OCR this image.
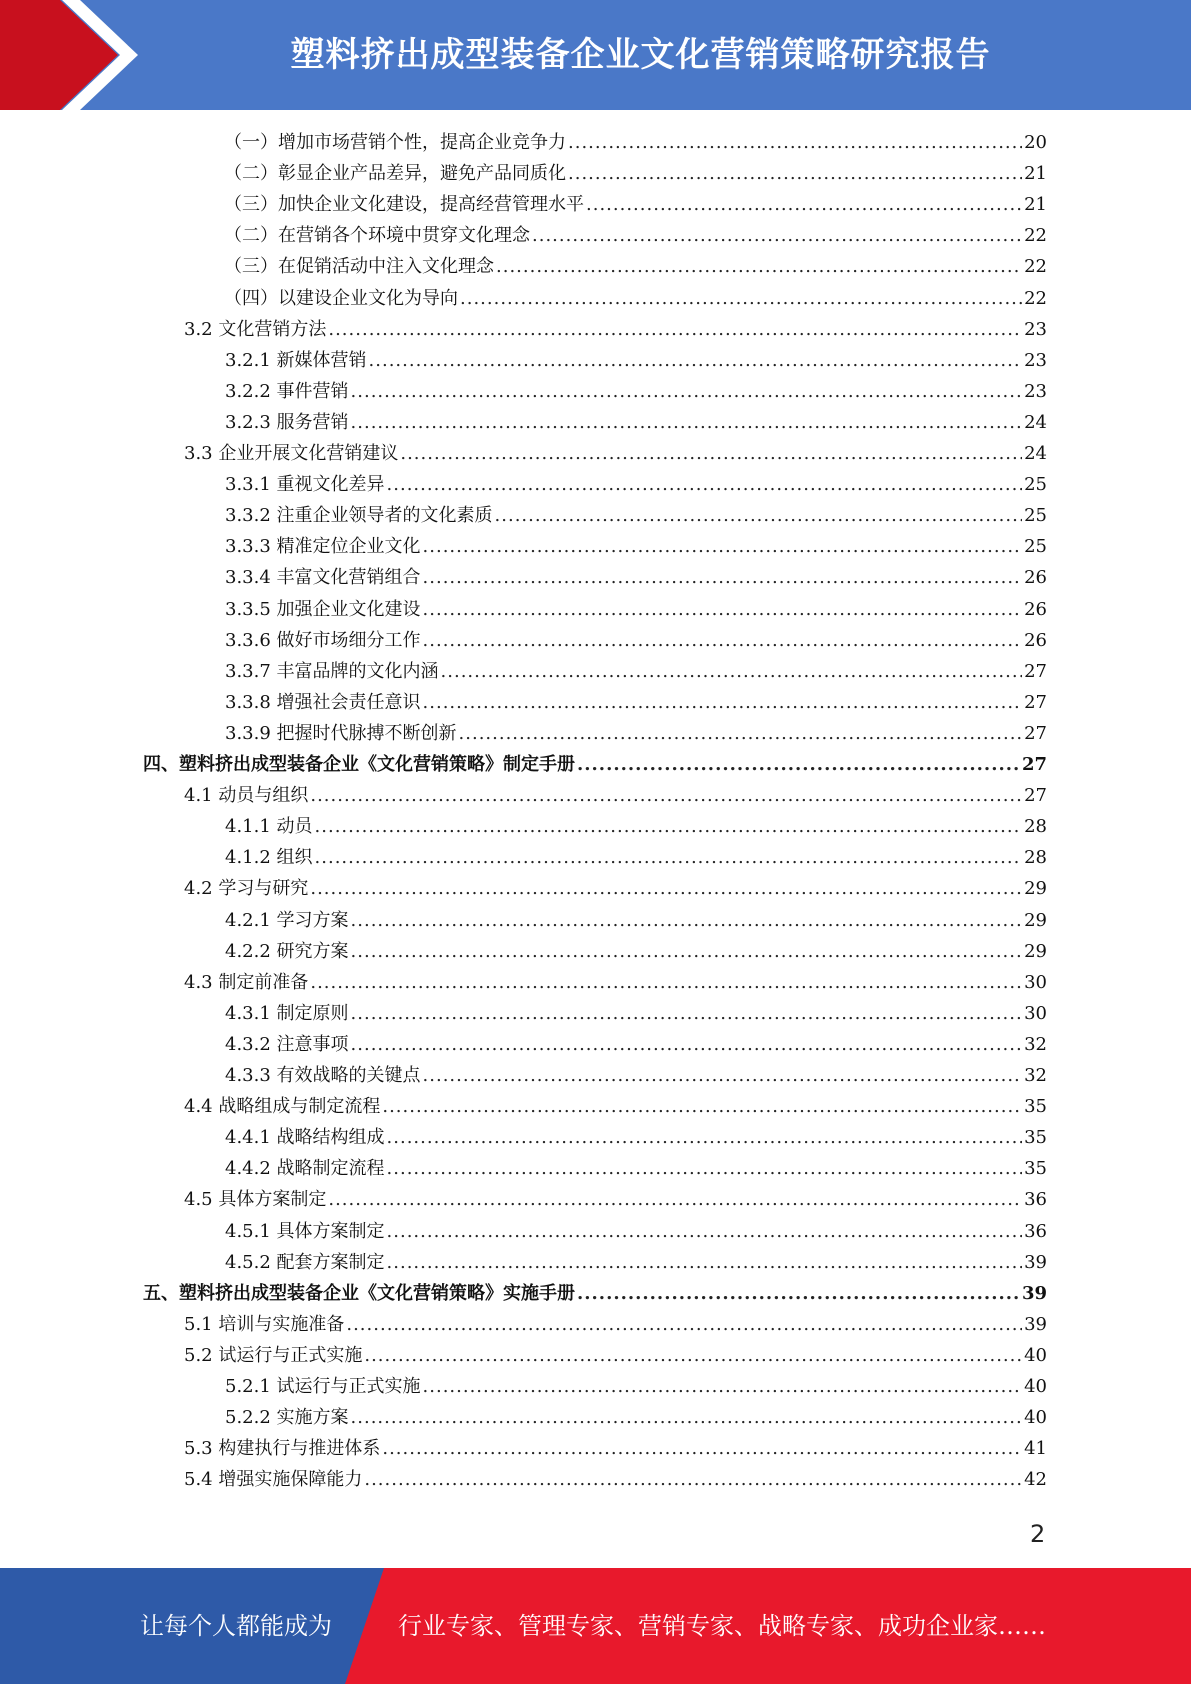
塑料挤出成型装备企业文化营销策略研究报告
（一）增加市场营销个性，提高企业竞争力 .....	20
（二）彰显企业产品差异，避免产品同质化 .....	21
（三）加快企业文化建设，提高经营管理水平 .....	21
（二）在营销各个环境中贯穿文化理念 .....	22
（三）在促销活动中注入文化理念 .....	22
（四）以建设企业文化为导向 .....	22
3.2 文化营销方法 .....	23
3.2.1 新媒体营销 .....	23
3.2.2 事件营销 .....	23
3.2.3 服务营销 .....	24
3.3 企业开展文化营销建议 .....	24
3.3.1 重视文化差异 .....	25
3.3.2 注重企业领导者的文化素质 .....	25
3.3.3 精准定位企业文化 .....	25
3.3.4 丰富文化营销组合 .....	26
3.3.5 加强企业文化建设 .....	26
3.3.6 做好市场细分工作 .....	26
3.3.7 丰富品牌的文化内涵 .....	27
3.3.8 增强社会责任意识 .....	27
3.3.9 把握时代脉搏不断创新 .....	27
四、塑料挤出成型装备企业《文化营销策略》制定手册 .....	27
4.1 动员与组织 .....	27
4.1.1 动员 .....	28
4.1.2 组织 .....	28
4.2 学习与研究 .....	29
4.2.1 学习方案 .....	29
4.2.2 研究方案 .....	29
4.3 制定前准备 .....	30
4.3.1 制定原则 .....	30
4.3.2 注意事项 .....	32
4.3.3 有效战略的关键点 .....	32
4.4 战略组成与制定流程 .....	35
4.4.1 战略结构组成 .....	35
4.4.2 战略制定流程 .....	35
4.5 具体方案制定 .....	36
4.5.1 具体方案制定 .....	36
4.5.2 配套方案制定 .....	39
五、塑料挤出成型装备企业《文化营销策略》实施手册 .....	39
5.1 培训与实施准备 .....	39
5.2 试运行与正式实施 .....	40
5.2.1 试运行与正式实施 .....	40
5.2.2 实施方案 .....	40
5.3 构建执行与推进体系 .....	41
5.4 增强实施保障能力 .....	42
2
让每个人都能成为	行业专家、管理专家、营销专家、战略专家、成功企业家……
